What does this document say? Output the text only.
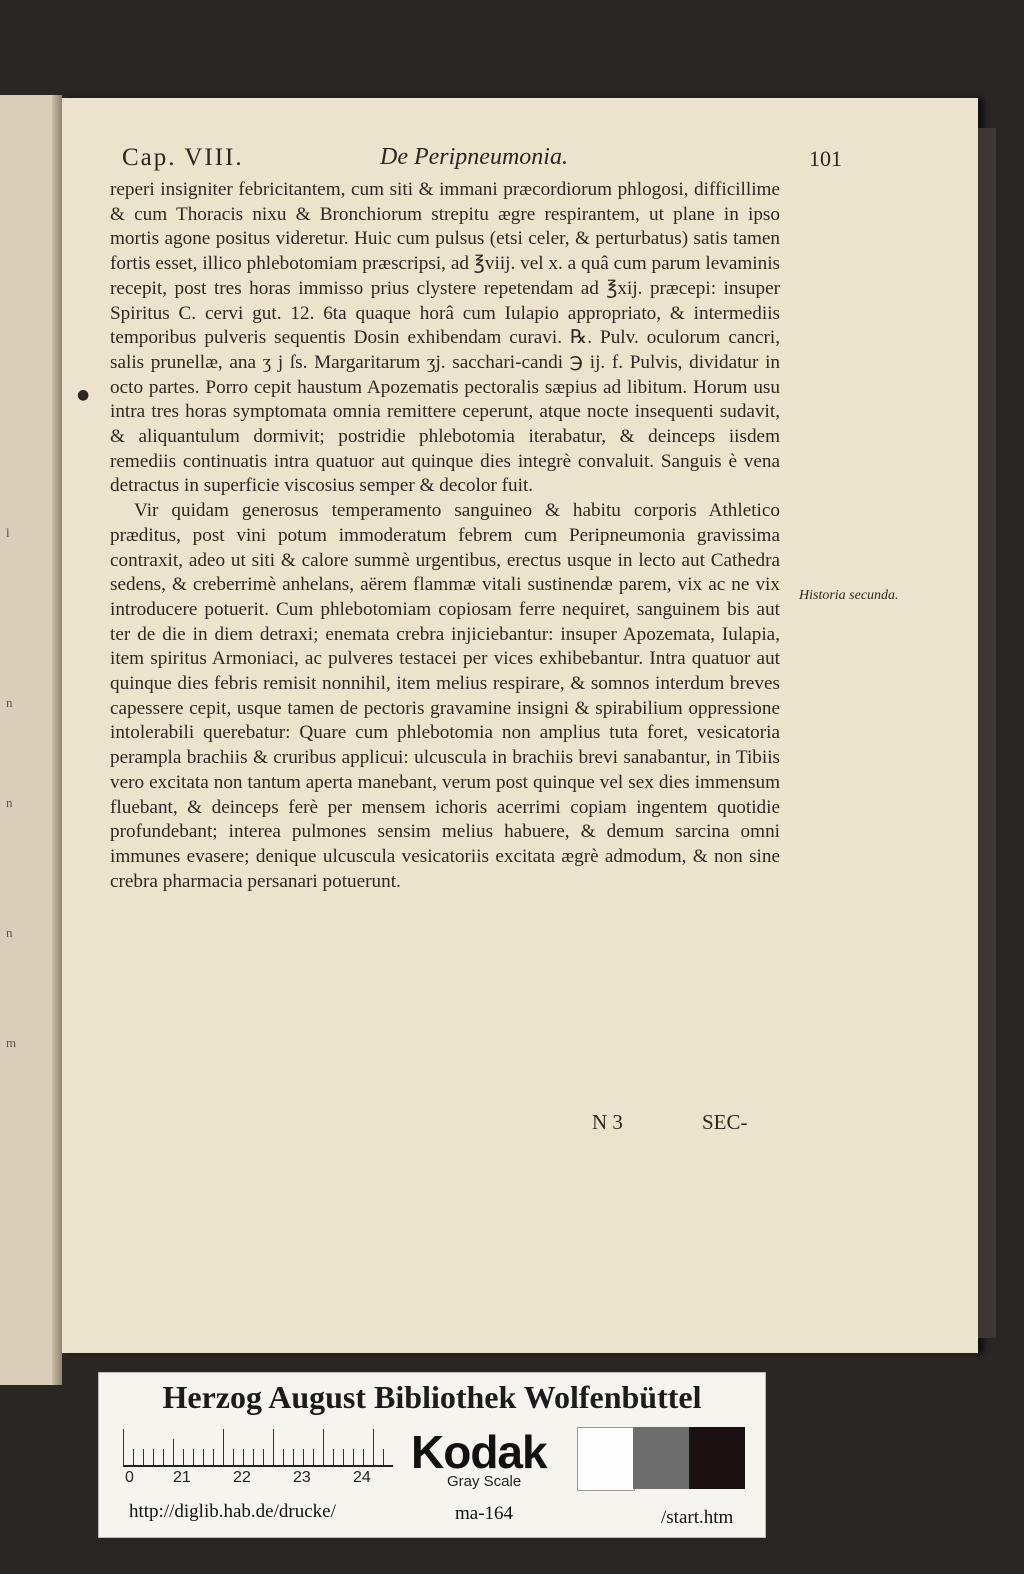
l
n
n
n
m
Cap. VIII.	De Peripneumonia.	101
●

reperi insigniter febricitantem, cum siti & immani præcordiorum phlogosi, difficillime & cum Thoracis nixu & Bronchiorum strepitu ægre respirantem, ut plane in ipso mortis agone positus videretur. Huic cum pulsus (etsi celer, & perturbatus) satis tamen fortis esset, illico phlebotomiam præscripsi, ad ℥viij. vel x. a quâ cum parum levaminis recepit, post tres horas immisso prius clystere repetendam ad ℥xij. præcepi: insuper Spiritus C. cervi gut. 12. 6ta quaque horâ cum Iulapio appropriato, & intermediis temporibus pulveris sequentis Dosin exhibendam curavi. ℞. Pulv. oculorum cancri, salis prunellæ, ana ʒ j ſs. Margaritarum ʒj. sacchari-candi ℈ ij. f. Pulvis, dividatur in octo partes. Porro cepit haustum Apozematis pectoralis sæpius ad libitum. Horum usu intra tres horas symptomata omnia remittere ceperunt, atque nocte insequenti sudavit, & aliquantulum dormivit; postridie phlebotomia iterabatur, & deinceps iisdem remediis continuatis intra quatuor aut quinque dies integrè convaluit. Sanguis è vena detractus in superficie viscosius semper & decolor fuit.

Vir quidam generosus temperamento sanguineo & habitu corporis Athletico præditus, post vini potum immoderatum febrem cum Peripneumonia gravissima contraxit, adeo ut siti & calore summè urgentibus, erectus usque in lecto aut Cathedra sedens, & creberrimè anhelans, aërem flammæ vitali sustinendæ parem, vix ac ne vix introducere potuerit. Cum phlebotomiam copiosam ferre nequiret, sanguinem bis aut ter de die in diem detraxi; enemata crebra injiciebantur: insuper Apozemata, Iulapia, item spiritus Armoniaci, ac pulveres testacei per vices exhibebantur. Intra quatuor aut quinque dies febris remisit nonnihil, item melius respirare, & somnos interdum breves capessere cepit, usque tamen de pectoris gravamine insigni & spirabilium oppressione intolerabili querebatur: Quare cum phlebotomia non amplius tuta foret, vesicatoria perampla brachiis & cruribus applicui: ulcuscula in brachiis brevi sanabantur, in Tibiis vero excitata non tantum aperta manebant, verum post quinque vel sex dies immensum fluebant, & deinceps ferè per mensem ichoris acerrimi copiam ingentem quotidie profundebant; interea pulmones sensim melius habuere, & demum sarcina omni immunes evasere; denique ulcuscula vesicatoriis excitata ægrè admodum, & non sine crebra pharmacia persanari potuerunt.

Historia secunda.
N 3	SEC-
Herzog August Bibliothek Wolfenbüttel
0 21	22	23	24 Kodak
Gray Scale
http://diglib.hab.de/drucke/	ma-164	/start.htm
